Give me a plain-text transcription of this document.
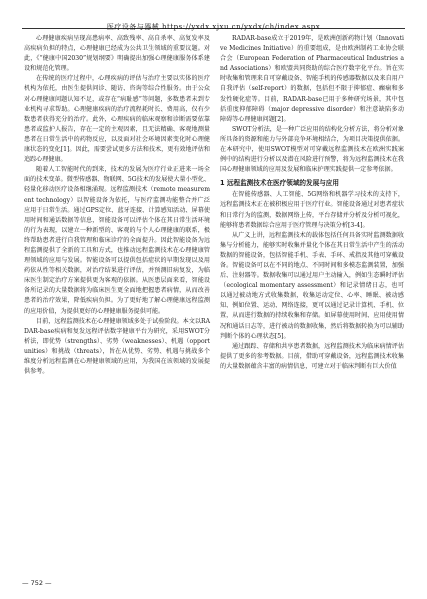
医疗设备与器械 https://yxdx.xjxu.cn/yxdx/ch/index.aspx

心理健康疾病呈现高患病率、高致残率、高自杀率、高复发率及高疾病负担的特点，心理健康已经成为公共卫生领域的重要议题。对此，《“健康中国2030”规划纲要》明确提出加强心理健康服务体系建设和规范化管理。

在传统的医疗过程中，心理疾病的评估与治疗主要以实体的医疗机构为依托，由医生提供问诊、随访、咨询等综合性服务。由于公众对心理健康问题认知不足，或存在“病耻感”等问题，多数患者未到专业机构寻求帮助。心理健康疾病的治疗流程耗时长、费用高，仅有少数患者获得充分的治疗。此外，心理疾病的临床观察和诊断需要依靠患者或监护人报告，存在一定的主观因素，且无法精确、客观地测量患者在日常生活中的药物反应，以及面对社会环境因素变化时心理健康状态的变化[1]。因此，需要尝试更多方法和技术，更有效地评估和追踪心理健康。

随着人工智能时代的到来，技术的发展为医疗行业正进来一场全面的技术变革。微型传感器、物联网、5G技术的发展使大量小型化、轻量化移动医疗设备相继涌现。远程监测技术（remote measurement technology）以智能设备为依托，与医疗监测功能整合并广泛应用于日常生活。通过GPS定位、蓝牙连接、计算感知活动、屏幕使用时间和通话数据等信息，智能设备可以评估个体在其日常生活环境的行为表现，以建立一种新型的、客观的与个人心理健康的联系，极终帮助患者进行自我管理和临床诊疗的全面提升。因此智能设备为远程监测提供了全新的工具和方式，也推动远程监测技术在心理健康管理领域的应用与发展。智能设备可以提供包括症状的早期发现以及用药依从性等相关数据，对治疗结果进行评估，并预测旧病复发，为临床医生制定治疗方案提供更为客观的依据。从医患层面来看，智能设备所记录的大量数据将为临床医生更全面地把握患者病情，从而改善患者的治疗效果，降低疾病负担。为了更好地了解心理健康远程监测的应用价值，为提供更好的心理健康服务提供可能。

目前，远程监测技术在心理健康领域多处于试验阶段。本文以RADAR-base疾病和复发远程评估数字健康平台为研究，采用SWOT分析法，即优势（strengths）、劣势（weaknesses）、机遇（opportunities）和挑战（threats），旨在从优势、劣势、机遇与挑战多个维度分析远程监测在心理健康领域的应用，为我国在该领域的发展提供参考。

RADAR-base成立于2019年，是欧洲创新药物计划（Innovative Medicines Initiative）的重要组成，是由欧洲制药工业协会联合会（European Federation of Pharmaceutical Industries and Associations）和欧盟共同资助的综合医疗数字化平台。旨在实时收集和管理来自可穿戴设备、智能手机的传感器数据以及来自用户自我评估（self-report）的数据，包括但不限于抑郁症、癫痫和多发性硬化症等。目前，RADAR-base已用于多种研究场景，其中包括重度抑郁障碍（major depressive disorder）和注意缺陷多动障碍等心理健康问题[2]。

SWOT分析法，是一种广泛应用的结构化分析方法，将分析对象所具备的资源和能力与外部竞争环境相结合，为项目决策提供依据。在本研究中，使用SWOT模型对可穿戴远程监测技术在欧洲实践案例中的结构进行分析以及潜在风险进行预警，将为远程监测技术在我国心理健康领域的应用及发展和临床护理实践提供一定参考依据。

1 远程监测技术在医疗领域的发展与应用

在智能传感器、人工智能、5G网络和机器学习技术的支持下，远程监测技术正在被积极应用于医疗行业。智能设备通过对患者症状和日常行为的监测，数据网络上传，平台存储并分析及分析可视化，能够将患者数据综合应用于医疗管理与决策分析[3-4]。

从广义上讲，远程监测技术的载体包括任何具备实时监测数据收集与分析能力，能够实时收集并量化个体在其日常生活中产生的活动数据的智能设备，包括智能手机、手表、手环、戒指及其他可穿戴设备。智能设备可以在不同的地点、不同时间和多模态监测装置，加强后、注射器等。数据收集可以通过用户主动输入，例如生态瞬时评估（ecological momentary assessment）和记录情绪日志，也可以通过被动地方式收集数据，收集运动定位、心率、睡眠、被动感知、例如位置、运动、网络连接，更可以通过记录计算机、手机、位置，从而进行数据的持续收集和存储。如屏幕使用时间、应用使用情况和通话日志等，进行被动的数据收集，然后将数据转换为可以辅助判断个体的心理状态[5]。

通过跟踪、存储和共享患者数据，远程监测技术为临床病情评估提供了更多的参考数据。目前，借助可穿戴设备，远程监测技术收集的大量数据蕴含丰富的病情信息，可建立对于临床判断有巨大价值

— 752 —
